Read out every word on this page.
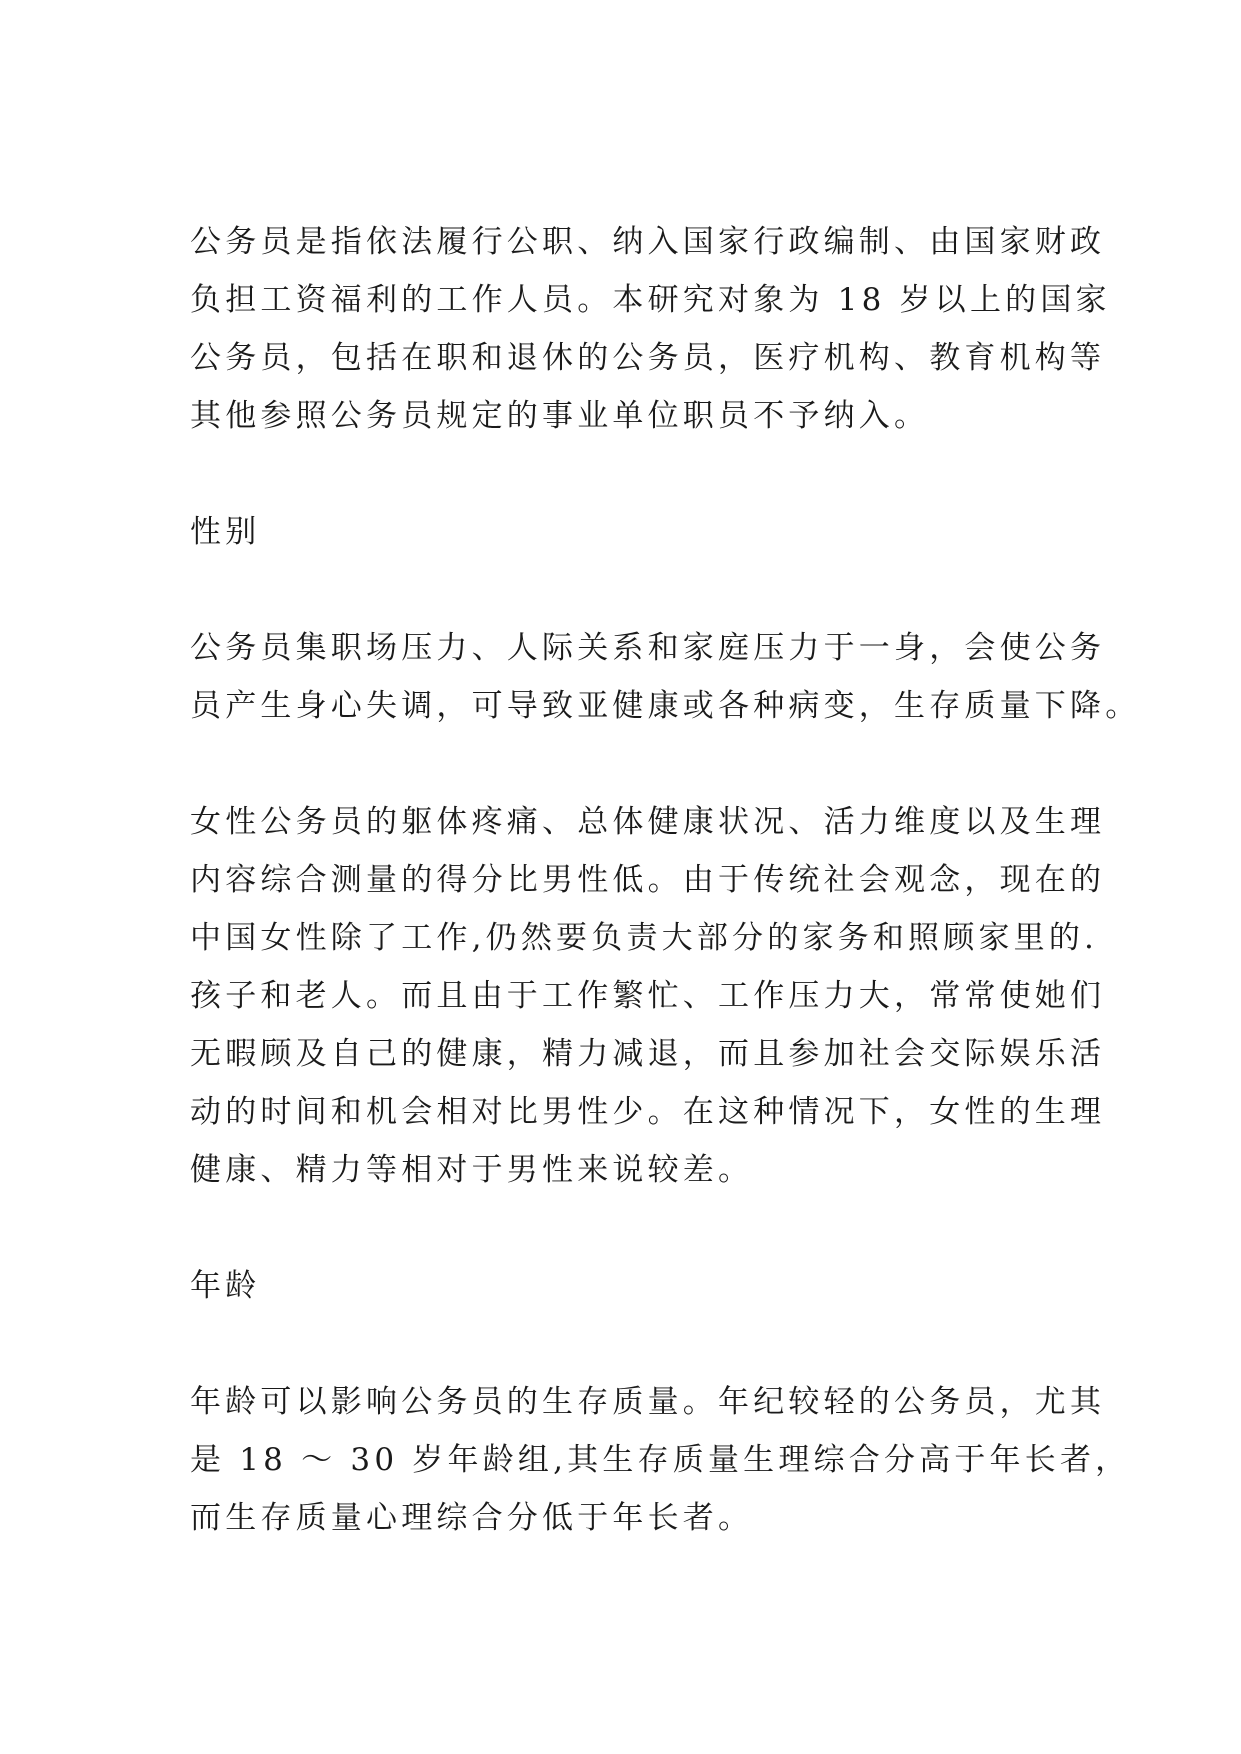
公务员是指依法履行公职、纳入国家行政编制、由国家财政
负担工资福利的工作人员。本研究对象为 18 岁以上的国家
公务员，包括在职和退休的公务员，医疗机构、教育机构等
其他参照公务员规定的事业单位职员不予纳入。
性别
公务员集职场压力、人际关系和家庭压力于一身，会使公务
员产生身心失调，可导致亚健康或各种病变，生存质量下降。
女性公务员的躯体疼痛、总体健康状况、活力维度以及生理
内容综合测量的得分比男性低。由于传统社会观念，现在的
中国女性除了工作,仍然要负责大部分的家务和照顾家里的.
孩子和老人。而且由于工作繁忙、工作压力大，常常使她们
无暇顾及自己的健康，精力减退，而且参加社会交际娱乐活
动的时间和机会相对比男性少。在这种情况下，女性的生理
健康、精力等相对于男性来说较差。
年龄
年龄可以影响公务员的生存质量。年纪较轻的公务员，尤其
是 18 ～ 30 岁年龄组,其生存质量生理综合分高于年长者，
而生存质量心理综合分低于年长者。
